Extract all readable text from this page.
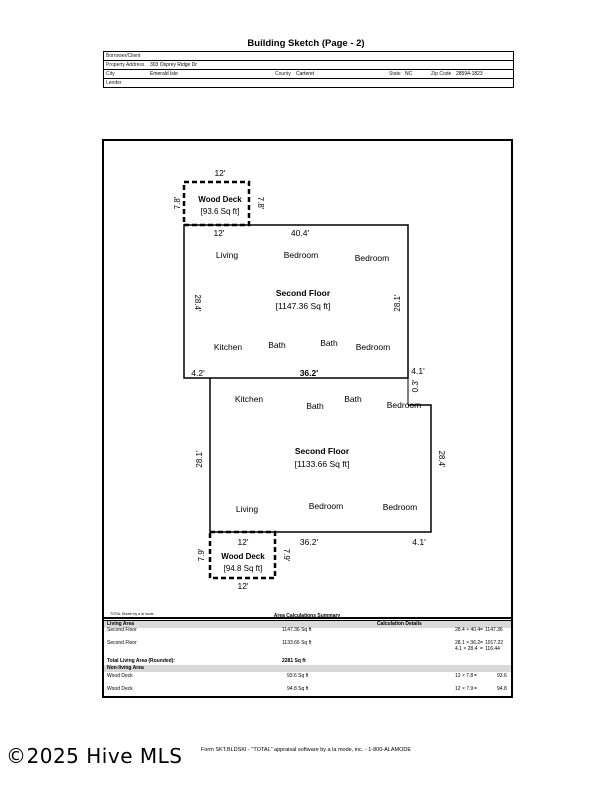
Building Sketch (Page - 2)
Borrower/Client
Property Address 303 Osprey Ridge Dr
City	Emerald Isle	County Carteret	State NC	Zip Code 28594-1823
Lender
12'
Wood Deck
[93.6 Sq ft]
7.8'	7.8'
12'	40.4'
Living	Bedroom	Bedroom
Second Floor
[1147.36 Sq ft]
28.4'	28.1'
Kitchen	Bath	Bath Bedroom
4.2'	36.2'	4.1'
0.3'
Kitchen
Bath
Bath
Bedroom
Second Floor
[1133.66 Sq ft]
28.1'	28.4'
Living	Bedroom	Bedroom
36.2'	4.1'
12'
Wood Deck
[94.8 Sq ft]
7.9'	7.9'
12'
TOTAL Sketch by a la mode	Area Calculations Summary
Living Area	Calculation Details
Second Floor	1147.36 Sq ft	28.4 × 40.4 = 1147.36
Second Floor	1133.66 Sq ft	28.1 × 36.2 = 1017.22
4.1 × 28.4 = 116.44
Total Living Area (Rounded):	2281 Sq ft
Non-living Area
Wood Deck	93.6 Sq ft	12 × 7.8 =	93.6
Wood Deck	94.8 Sq ft	12 × 7.9 =	94.8
©2025 Hive MLS	Form SKT.BLDSKI - "TOTAL" appraisal software by a la mode, inc. - 1-800-ALAMODE
